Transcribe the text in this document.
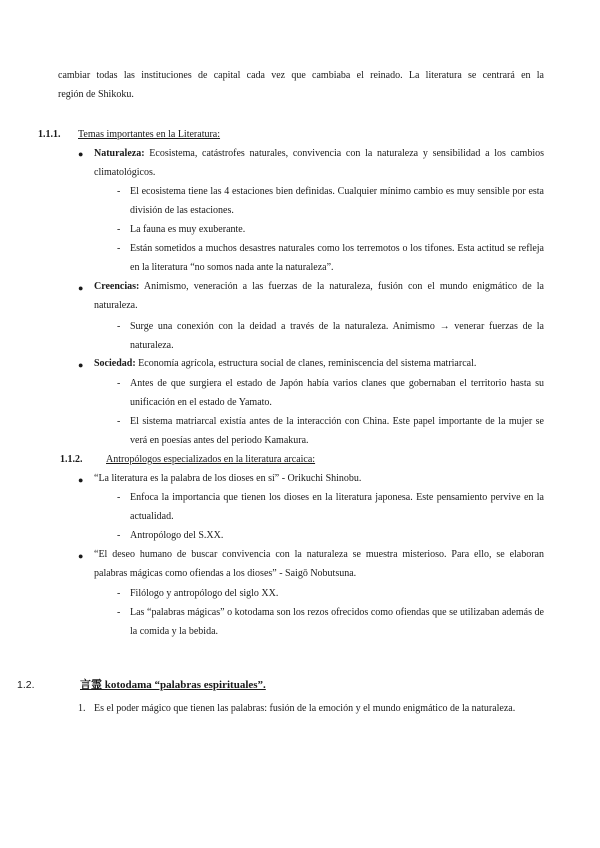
cambiar todas las instituciones de capital cada vez que cambiaba el reinado. La literatura se centrará en la
región de Shikoku.
1.1.1. Temas importantes en la Literatura:
● Naturaleza: Ecosistema, catástrofes naturales, convivencia con la naturaleza y sensibilidad a los cambios climatológicos.
- El ecosistema tiene las 4 estaciones bien definidas. Cualquier mínimo cambio es muy sensible por esta división de las estaciones.
- La fauna es muy exuberante.
- Están sometidos a muchos desastres naturales como los terremotos o los tifones. Esta actitud se refleja en la literatura “no somos nada ante la naturaleza”.
● Creencias: Animismo, veneración a las fuerzas de la naturaleza, fusión con el mundo enigmático de la naturaleza.
- Surge una conexión con la deidad a través de la naturaleza. Animismo → venerar fuerzas de la naturaleza.
● Sociedad: Economía agrícola, estructura social de clanes, reminiscencia del sistema matriarcal.
- Antes de que surgiera el estado de Japón había varios clanes que gobernaban el territorio hasta su unificación en el estado de Yamato.
- El sistema matriarcal existía antes de la interacción con China. Este papel importante de la mujer se verá en poesías antes del periodo Kamakura.
1.1.2. Antropólogos especializados en la literatura arcaica:
● “La literatura es la palabra de los dioses en sí” - Orikuchi Shinobu.
- Enfoca la importancia que tienen los dioses en la literatura japonesa. Este pensamiento pervive en la actualidad.
- Antropólogo del S.XX.
● “El deseo humano de buscar convivencia con la naturaleza se muestra misterioso. Para ello, se elaboran palabras mágicas como ofiendas a los dioses” - Saigō Nobutsuna.
- Filólogo y antropólogo del siglo XX.
- Las “palabras mágicas” o kotodama son los rezos ofrecidos como ofiendas que se utilizaban además de la comida y la bebida.
1.2.	言霊 kotodama “palabras espirituales”.
1. Es el poder mágico que tienen las palabras: fusión de la emoción y el mundo enigmático de la naturaleza.
